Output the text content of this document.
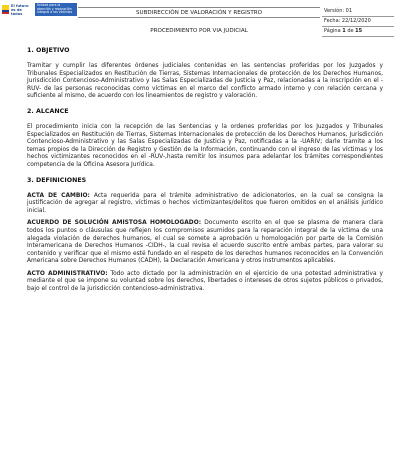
El futuro es de todos
Unidad para la atención y reparación integral a las víctimas	SUBDIRECCIÓN DE VALORACIÓN Y REGISTRO
PROCEDIMIENTO POR VIA JUDICIAL
Versión: 01
Fecha: 22/12/2020
Página 1 de 15
1. OBJETIVO

Tramitar y cumplir las diferentes órdenes judiciales contenidas en las sentencias proferidas por los Juzgados y Tribunales Especializados en Restitución de Tierras, Sistemas Internacionales de protección de los Derechos Humanos, Jurisdicción Contencioso-Administrativo y las Salas Especializadas de Justicia y Paz, relacionadas a la inscripción en el -RUV- de las personas reconocidas como víctimas en el marco del conflicto armado interno y con relación cercana y suficiente al mismo, de acuerdo con los lineamientos de registro y valoración.

2. ALCANCE

El procedimiento inicia con la recepción de las Sentencias y la ordenes proferidas por los Juzgados y Tribunales Especializados en Restitución de Tierras, Sistemas Internacionales de protección de los Derechos Humanos, Jurisdicción Contencioso-Administrativo y las Salas Especializadas de Justicia y Paz, notificadas a la -UARIV; darle tramite a los temas propios de la Dirección de Registro y Gestión de la Información, continuando con el ingreso de las víctimas y los hechos victimizantes reconocidos en el -RUV-,hasta remitir los insumos para adelantar los trámites correspondientes competencia de la Oficina Asesora Jurídica.

3. DEFINICIONES

ACTA DE CAMBIO: Acta requerida para el trámite administrativo de adicionatorios, en la cual se consigna la justificación de agregar al registro, víctimas o hechos victimizantes/delitos que fueron omitidos en el análisis jurídico inicial.

ACUERDO DE SOLUCIÓN AMISTOSA HOMOLOGADO: Documento escrito en el que se plasma de manera clara todos los puntos o cláusulas que reflejen los compromisos asumidos para la reparación integral de la víctima de una alegada violación de derechos humanos, el cual se somete a aprobación u homologación por parte de la Comisión Interamericana de Derechos Humanos -CIDH-, la cual revisa el acuerdo suscrito entre ambas partes, para valorar su contenido y verificar que el mismo esté fundado en el respeto de los derechos humanos reconocidos en la Convención Americana sobre Derechos Humanos (CADH), la Declaración Americana y otros instrumentos aplicables.

ACTO ADMINISTRATIVO: Todo acto dictado por la administración en el ejercicio de una potestad administrativa y mediante el que se impone su voluntad sobre los derechos, libertades o intereses de otros sujetos públicos o privados, bajo el control de la jurisdicción contencioso-administrativa.
